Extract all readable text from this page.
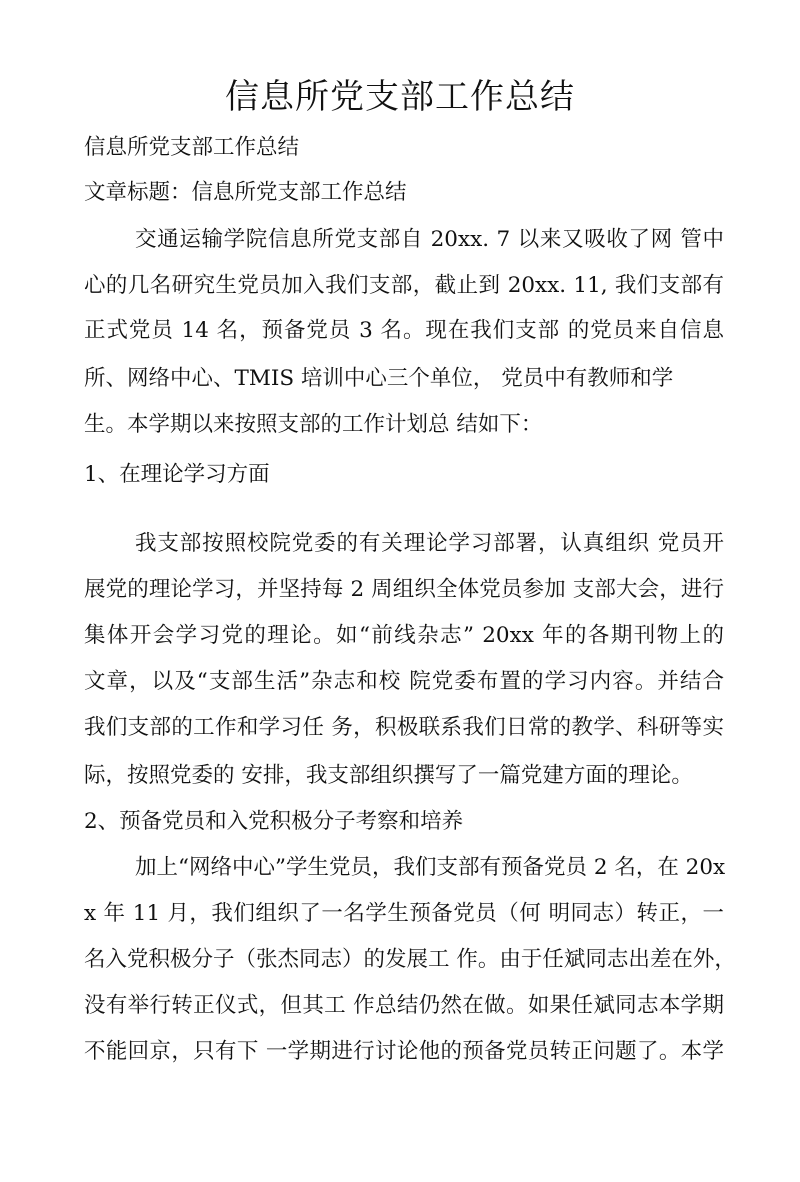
信息所党支部工作总结
信息所党支部工作总结
文章标题：信息所党支部工作总结
交通运输学院信息所党支部自 20xx. 7 以来又吸收了网 管中
心的几名研究生党员加入我们支部，截止到 20xx. 11, 我们支部有
正式党员 14 名，预备党员 3 名。现在我们支部 的党员来自信息
所、网络中心、TMIS 培训中心三个单位， 党员中有教师和学
生。本学期以来按照支部的工作计划总 结如下：
1、在理论学习方面
我支部按照校院党委的有关理论学习部署，认真组织 党员开
展党的理论学习，并坚持每 2 周组织全体党员参加 支部大会，进行
集体开会学习党的理论。如“前线杂志” 20xx 年的各期刊物上的
文章，以及“支部生活”杂志和校 院党委布置的学习内容。并结合
我们支部的工作和学习任 务，积极联系我们日常的教学、科研等实
际，按照党委的 安排，我支部组织撰写了一篇党建方面的理论。
2、预备党员和入党积极分子考察和培养
加上“网络中心”学生党员，我们支部有预备党员 2 名，在 20x
x 年 11 月，我们组织了一名学生预备党员（何 明同志）转正，一
名入党积极分子（张杰同志）的发展工 作。由于任斌同志出差在外，
没有举行转正仪式，但其工 作总结仍然在做。如果任斌同志本学期
不能回京，只有下 一学期进行讨论他的预备党员转正问题了。本学
